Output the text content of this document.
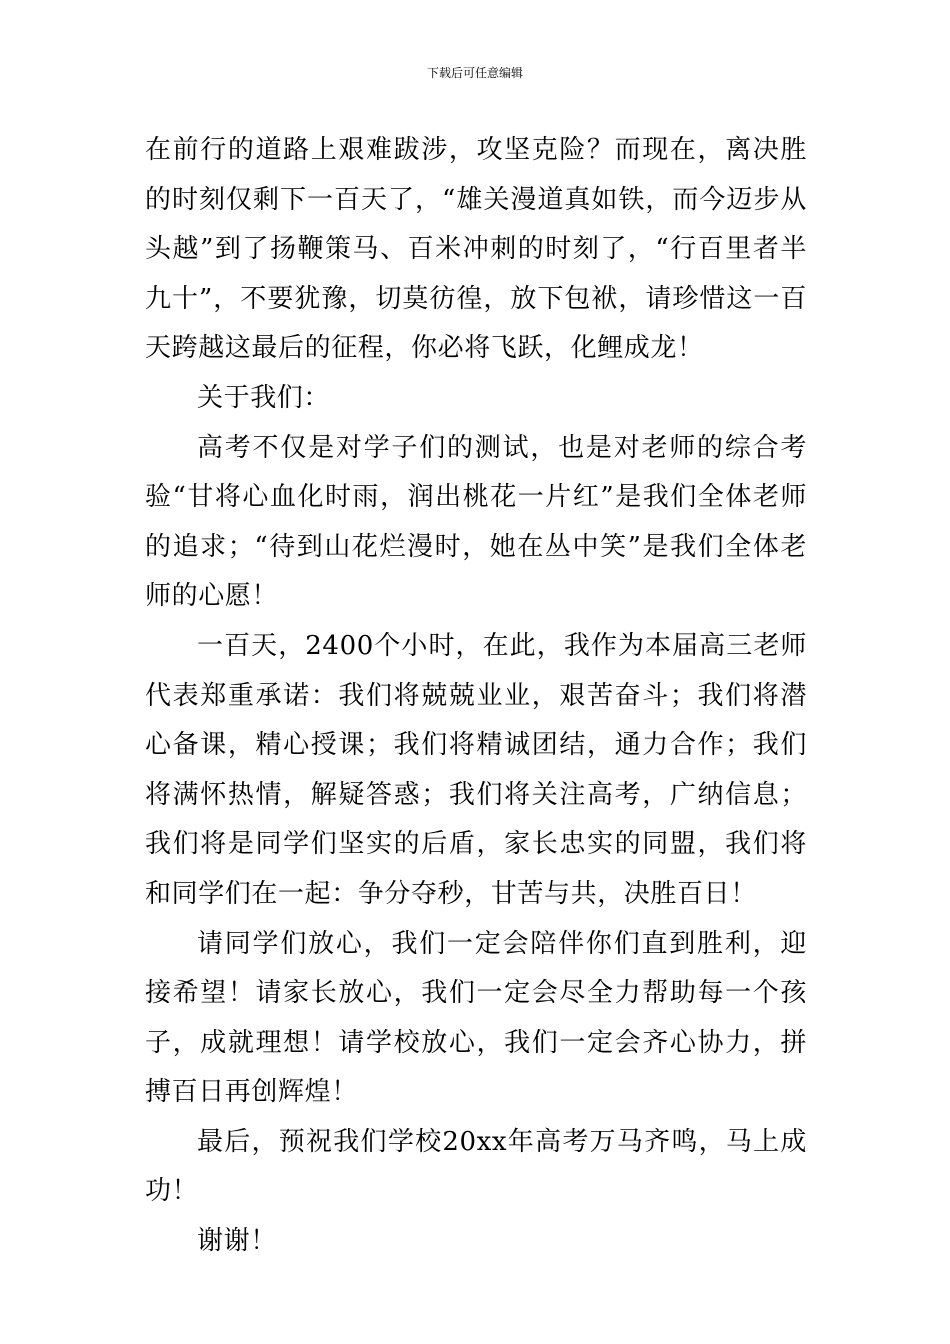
下载后可任意编辑

在前行的道路上艰难跋涉，攻坚克险？而现在，离决胜的时刻仅剩下一百天了，“雄关漫道真如铁，而今迈步从头越”到了扬鞭策马、百米冲刺的时刻了，“行百里者半九十”，不要犹豫，切莫彷徨，放下包袱，请珍惜这一百天跨越这最后的征程，你必将飞跃，化鲤成龙！

关于我们：

高考不仅是对学子们的测试，也是对老师的综合考验“甘将心血化时雨，润出桃花一片红”是我们全体老师的追求；“待到山花烂漫时，她在丛中笑”是我们全体老师的心愿！

一百天，2400个小时，在此，我作为本届高三老师代表郑重承诺：我们将兢兢业业，艰苦奋斗；我们将潜心备课，精心授课；我们将精诚团结，通力合作；我们将满怀热情，解疑答惑；我们将关注高考，广纳信息；我们将是同学们坚实的后盾，家长忠实的同盟，我们将和同学们在一起：争分夺秒，甘苦与共，决胜百日！

请同学们放心，我们一定会陪伴你们直到胜利，迎接希望！请家长放心，我们一定会尽全力帮助每一个孩子，成就理想！请学校放心，我们一定会齐心协力，拼搏百日再创辉煌！

最后，预祝我们学校20xx年高考万马齐鸣，马上成功！

谢谢！
